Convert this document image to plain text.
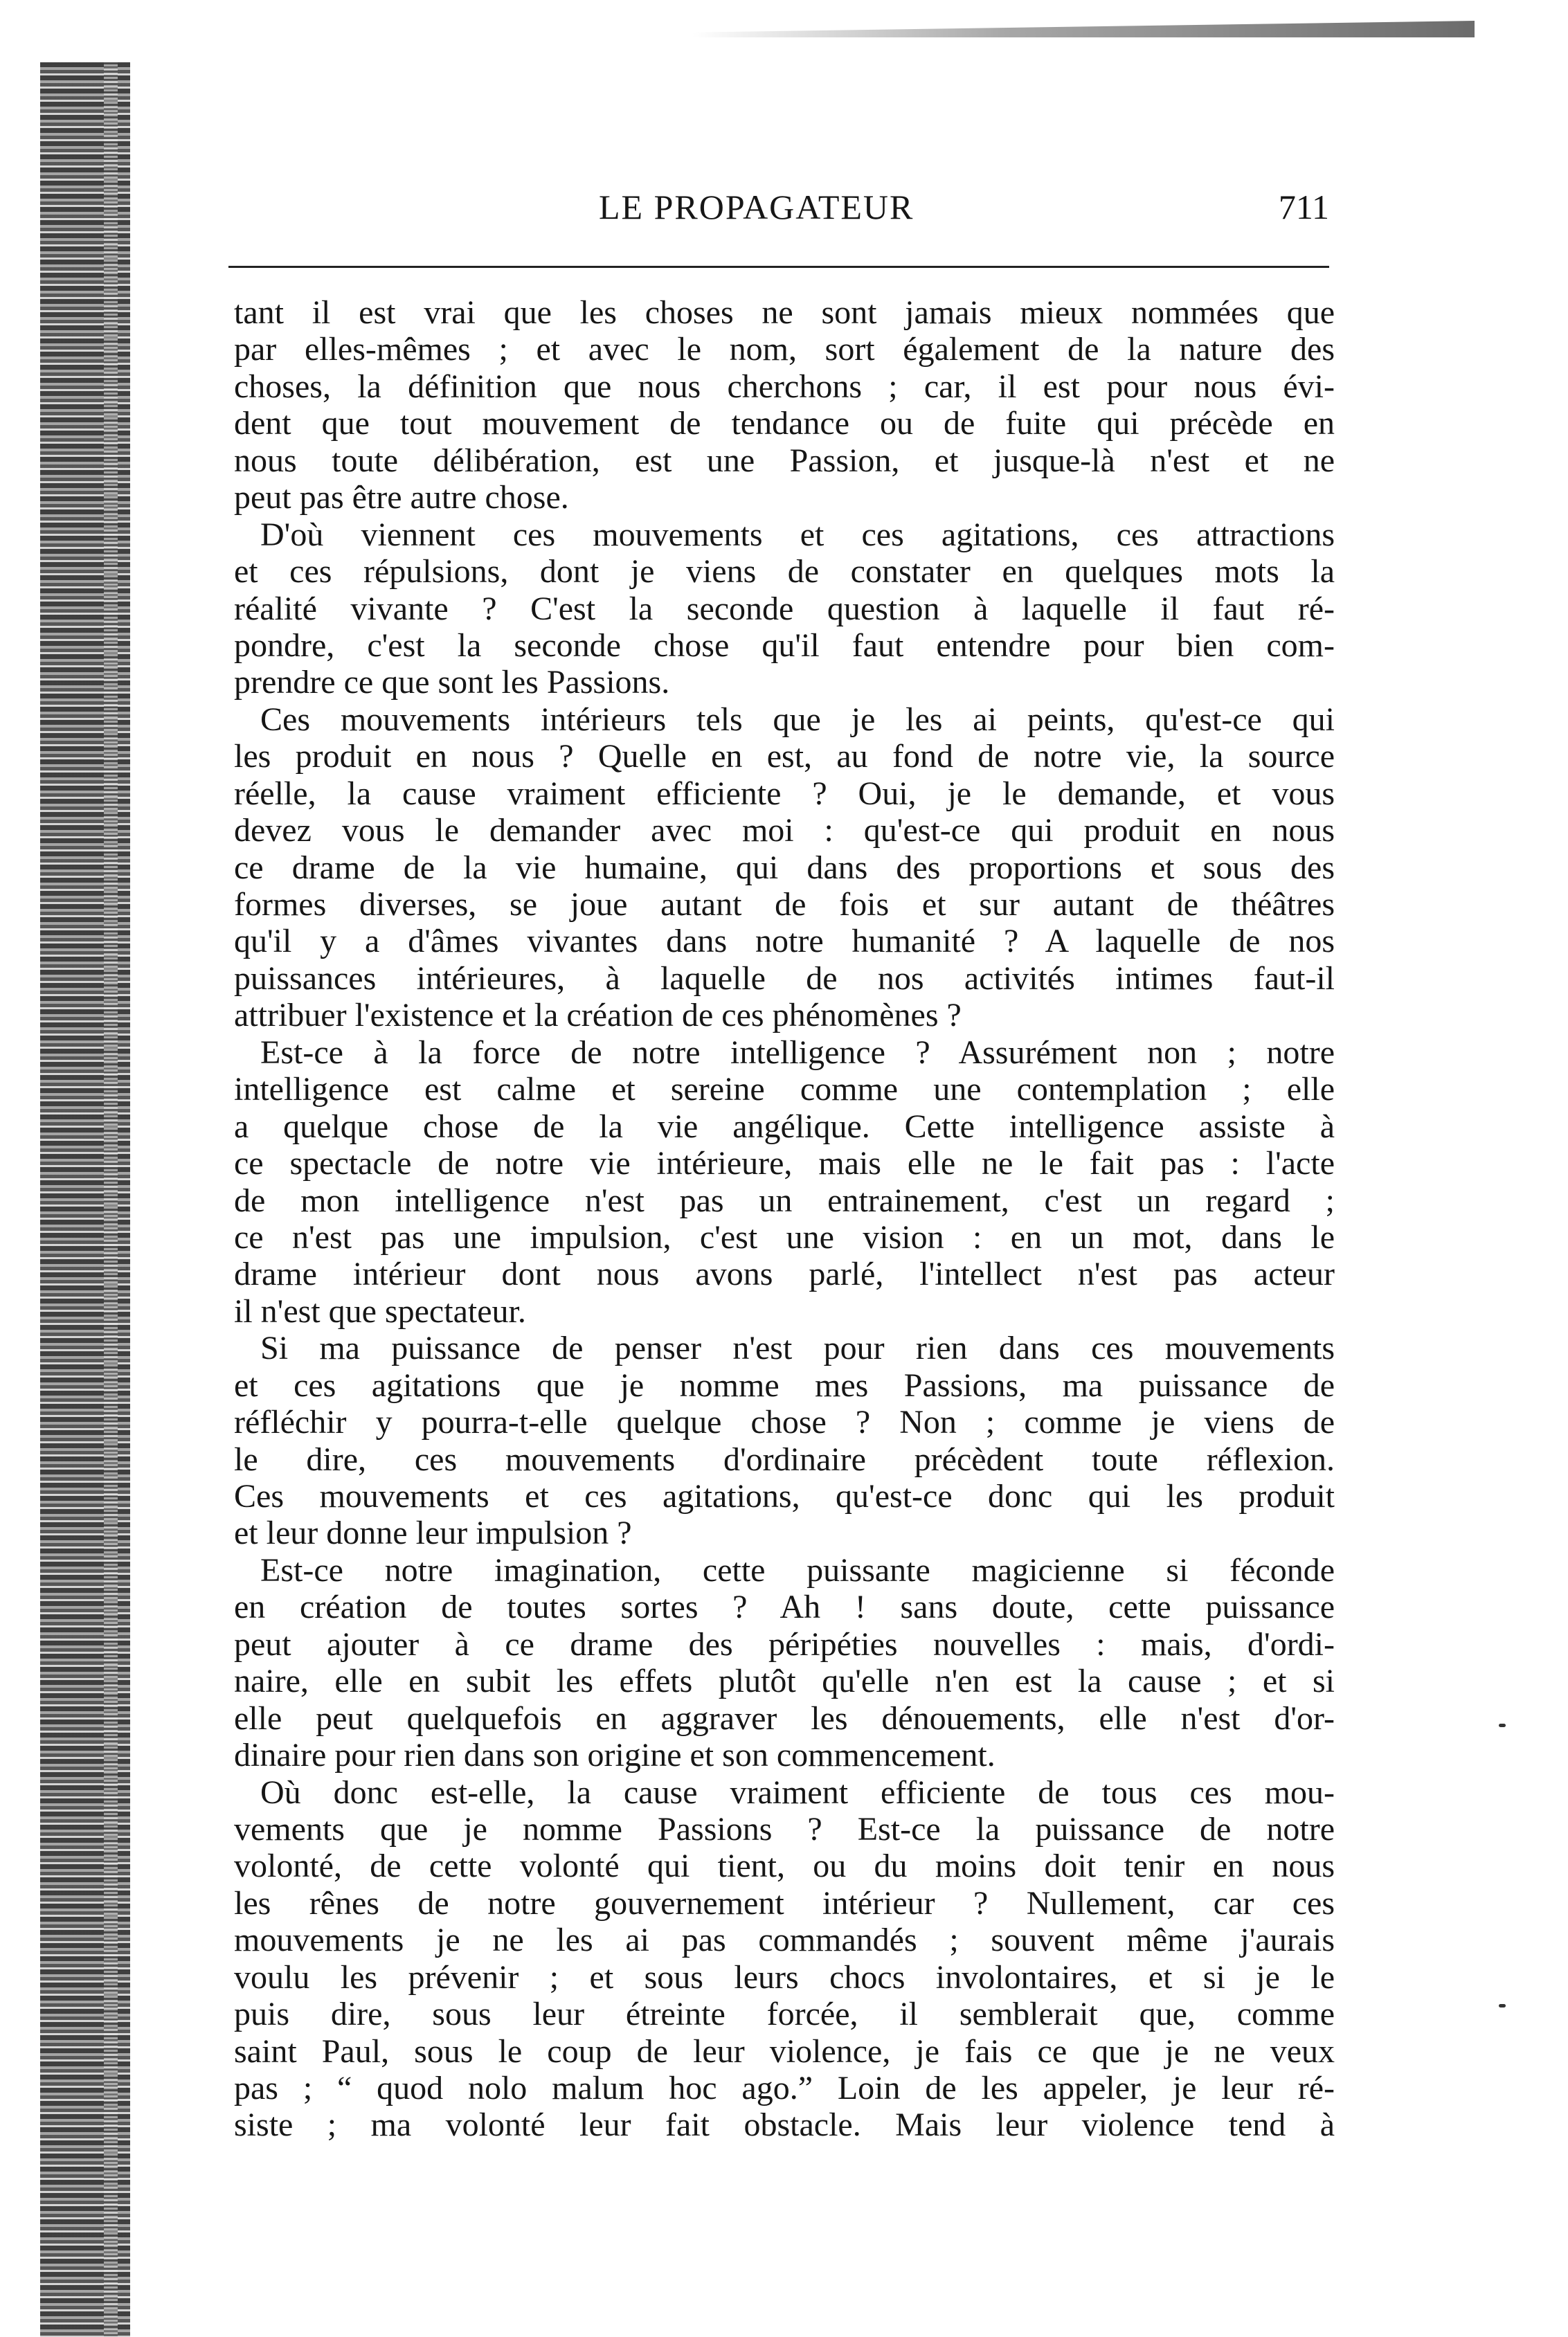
LE PROPAGATEUR	711
tant il est vrai que les choses ne sont jamais mieux nommées que
par elles-mêmes ; et avec le nom, sort également de la nature des
choses, la définition que nous cherchons ; car, il est pour nous évi-
dent que tout mouvement de tendance ou de fuite qui précède en
nous toute délibération, est une Passion, et jusque-là n'est et ne
peut pas être autre chose.
D'où viennent ces mouvements et ces agitations, ces attractions
et ces répulsions, dont je viens de constater en quelques mots la
réalité vivante ? C'est la seconde question à laquelle il faut ré-
pondre, c'est la seconde chose qu'il faut entendre pour bien com-
prendre ce que sont les Passions.
Ces mouvements intérieurs tels que je les ai peints, qu'est-ce qui
les produit en nous ? Quelle en est, au fond de notre vie, la source
réelle, la cause vraiment efficiente ? Oui, je le demande, et vous
devez vous le demander avec moi : qu'est-ce qui produit en nous
ce drame de la vie humaine, qui dans des proportions et sous des
formes diverses, se joue autant de fois et sur autant de théâtres
qu'il y a d'âmes vivantes dans notre humanité ? A laquelle de nos
puissances intérieures, à laquelle de nos activités intimes faut-il
attribuer l'existence et la création de ces phénomènes ?
Est-ce à la force de notre intelligence ? Assurément non ; notre
intelligence est calme et sereine comme une contemplation ; elle
a quelque chose de la vie angélique. Cette intelligence assiste à
ce spectacle de notre vie intérieure, mais elle ne le fait pas : l'acte
de mon intelligence n'est pas un entrainement, c'est un regard ;
ce n'est pas une impulsion, c'est une vision : en un mot, dans le
drame intérieur dont nous avons parlé, l'intellect n'est pas acteur
il n'est que spectateur.
Si ma puissance de penser n'est pour rien dans ces mouvements
et ces agitations que je nomme mes Passions, ma puissance de
réfléchir y pourra-t-elle quelque chose ? Non ; comme je viens de
le dire, ces mouvements d'ordinaire précèdent toute réflexion.
Ces mouvements et ces agitations, qu'est-ce donc qui les produit
et leur donne leur impulsion ?
Est-ce notre imagination, cette puissante magicienne si féconde
en création de toutes sortes ? Ah ! sans doute, cette puissance
peut ajouter à ce drame des péripéties nouvelles : mais, d'ordi-
naire, elle en subit les effets plutôt qu'elle n'en est la cause ; et si
elle peut quelquefois en aggraver les dénouements, elle n'est d'or-
dinaire pour rien dans son origine et son commencement.
Où donc est-elle, la cause vraiment efficiente de tous ces mou-
vements que je nomme Passions ? Est-ce la puissance de notre
volonté, de cette volonté qui tient, ou du moins doit tenir en nous
les rênes de notre gouvernement intérieur ? Nullement, car ces
mouvements je ne les ai pas commandés ; souvent même j'aurais
voulu les prévenir ; et sous leurs chocs involontaires, et si je le
puis dire, sous leur étreinte forcée, il semblerait que, comme
saint Paul, sous le coup de leur violence, je fais ce que je ne veux
pas ; “ quod nolo malum hoc ago.” Loin de les appeler, je leur ré-
siste ; ma volonté leur fait obstacle. Mais leur violence tend à
